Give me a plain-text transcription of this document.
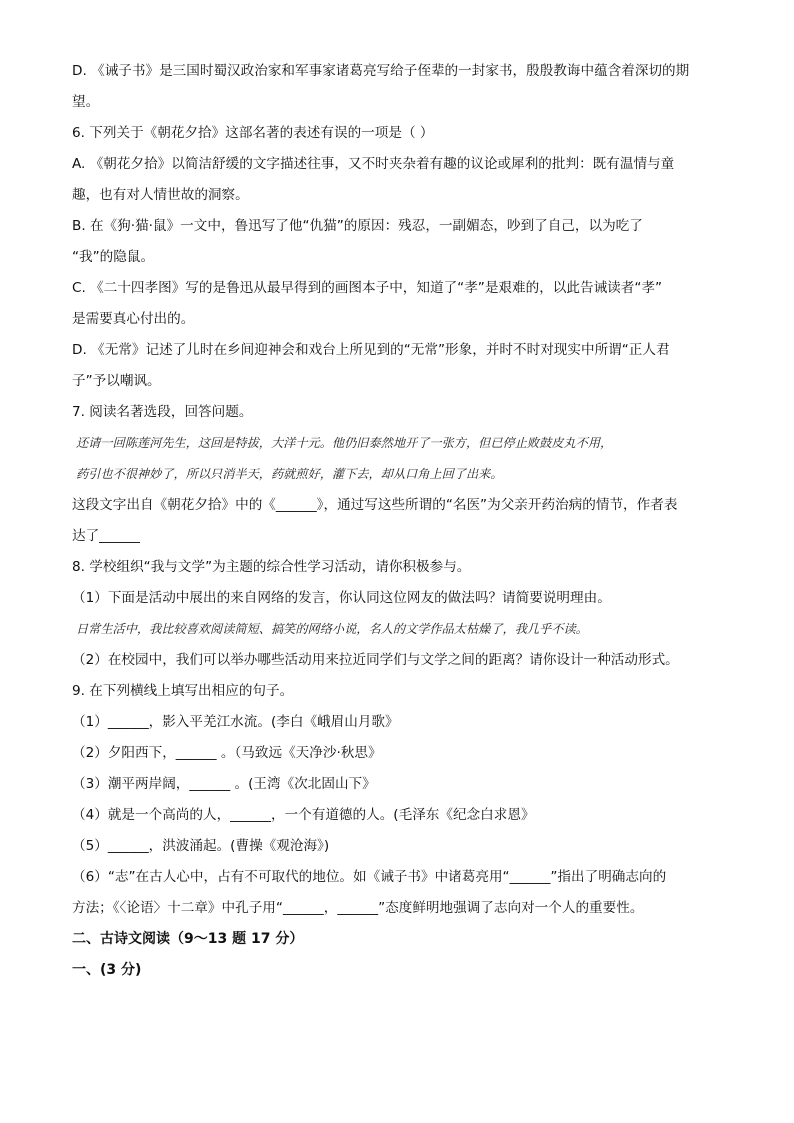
D. 《诫子书》是三国时蜀汉政治家和军事家诸葛亮写给子侄辈的一封家书，殷殷教诲中蕴含着深切的期
望。
6. 下列关于《朝花夕拾》这部名著的表述有误的一项是（ ）
A. 《朝花夕拾》以简洁舒缓的文字描述往事，又不时夹杂着有趣的议论或犀利的批判：既有温情与童
趣，也有对人情世故的洞察。
B. 在《狗·猫·鼠》一文中，鲁迅写了他“仇猫”的原因：残忍，一副媚态，吵到了自己，以为吃了
“我”的隐鼠。
C. 《二十四孝图》写的是鲁迅从最早得到的画图本子中，知道了“孝”是艰难的，以此告诫读者“孝”
是需要真心付出的。
D. 《无常》记述了儿时在乡间迎神会和戏台上所见到的“无常”形象，并时不时对现实中所谓“正人君
子”予以嘲讽。
7. 阅读名著选段，回答问题。
还请一回陈莲河先生，这回是特拔，大洋十元。他仍旧泰然地开了一张方，但已停止败鼓皮丸不用，
药引也不很神妙了，所以只消半天，药就煎好，灌下去，却从口角上回了出来。
这段文字出自《朝花夕拾》中的《______》，通过写这些所谓的“名医”为父亲开药治病的情节，作者表
达了______
8. 学校组织“我与文学”为主题的综合性学习活动，请你积极参与。
（1）下面是活动中展出的来自网络的发言，你认同这位网友的做法吗？请简要说明理由。
日常生活中，我比较喜欢阅读简短、搞笑的网络小说，名人的文学作品太枯燥了，我几乎不读。
（2）在校园中，我们可以举办哪些活动用来拉近同学们与文学之间的距离？请你设计一种活动形式。
9. 在下列横线上填写出相应的句子。
（1）______，影入平羌江水流。(李白《峨眉山月歌》
（2）夕阳西下，______ 。（马致远《天净沙·秋思》
（3）潮平两岸阔，______ 。(王湾《次北固山下》
（4）就是一个高尚的人，______，一个有道德的人。(毛泽东《纪念白求恩》
（5）______，洪波涌起。(曹操《观沧海》)
（6）“志”在古人心中，占有不可取代的地位。如《诫子书》中诸葛亮用“______”指出了明确志向的
方法；《〈论语〉十二章》中孔子用“______，______”态度鲜明地强调了志向对一个人的重要性。
二、古诗文阅读（9～13 题 17 分）
一、(3 分)
